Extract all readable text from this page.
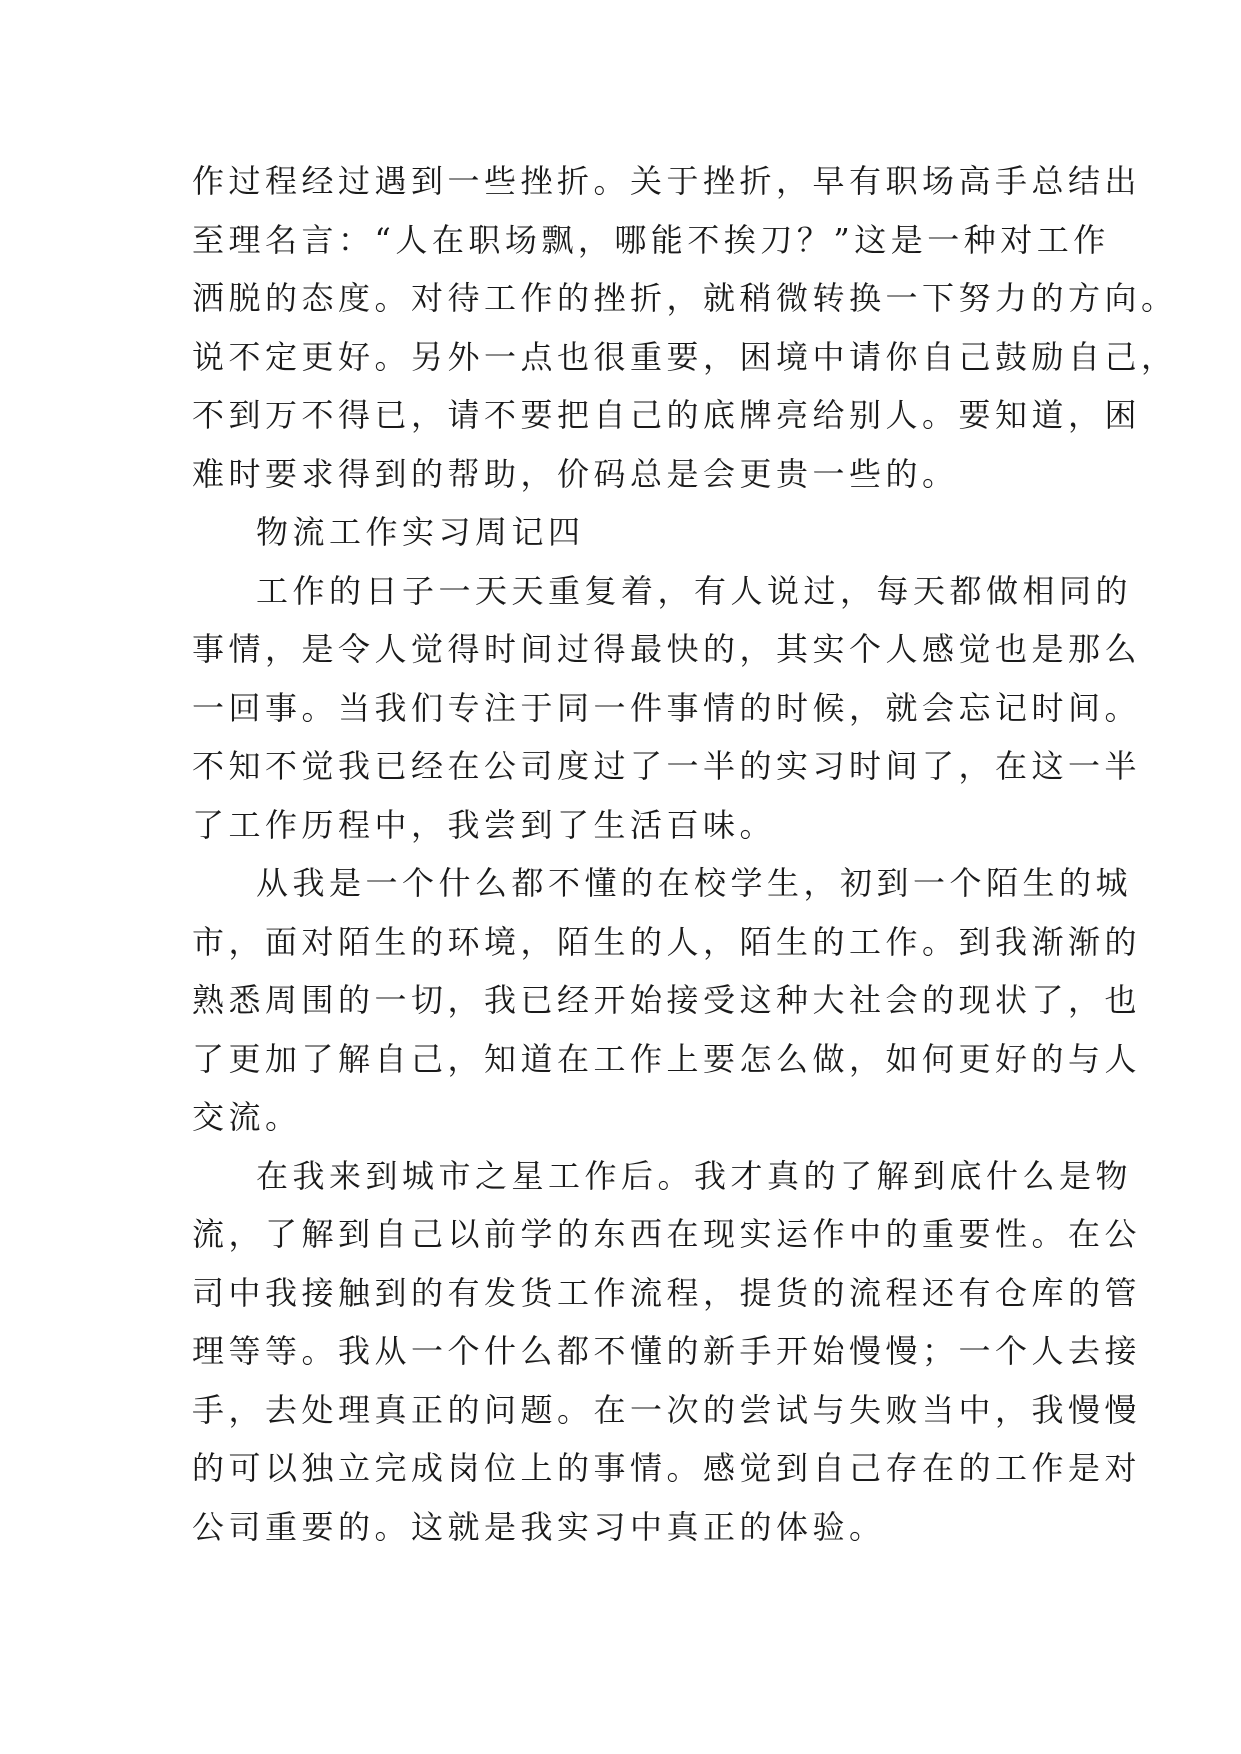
作过程经过遇到一些挫折。关于挫折，早有职场高手总结出
至理名言：“人在职场飘，哪能不挨刀？”这是一种对工作
洒脱的态度。对待工作的挫折，就稍微转换一下努力的方向。
说不定更好。另外一点也很重要，困境中请你自己鼓励自己，
不到万不得已，请不要把自己的底牌亮给别人。要知道，困
难时要求得到的帮助，价码总是会更贵一些的。
物流工作实习周记四
工作的日子一天天重复着，有人说过，每天都做相同的
事情，是令人觉得时间过得最快的，其实个人感觉也是那么
一回事。当我们专注于同一件事情的时候，就会忘记时间。
不知不觉我已经在公司度过了一半的实习时间了，在这一半
了工作历程中，我尝到了生活百味。
从我是一个什么都不懂的在校学生，初到一个陌生的城
市，面对陌生的环境，陌生的人，陌生的工作。到我渐渐的
熟悉周围的一切，我已经开始接受这种大社会的现状了，也
了更加了解自己，知道在工作上要怎么做，如何更好的与人
交流。
在我来到城市之星工作后。我才真的了解到底什么是物
流，了解到自己以前学的东西在现实运作中的重要性。在公
司中我接触到的有发货工作流程，提货的流程还有仓库的管
理等等。我从一个什么都不懂的新手开始慢慢；一个人去接
手，去处理真正的问题。在一次的尝试与失败当中，我慢慢
的可以独立完成岗位上的事情。感觉到自己存在的工作是对
公司重要的。这就是我实习中真正的体验。
